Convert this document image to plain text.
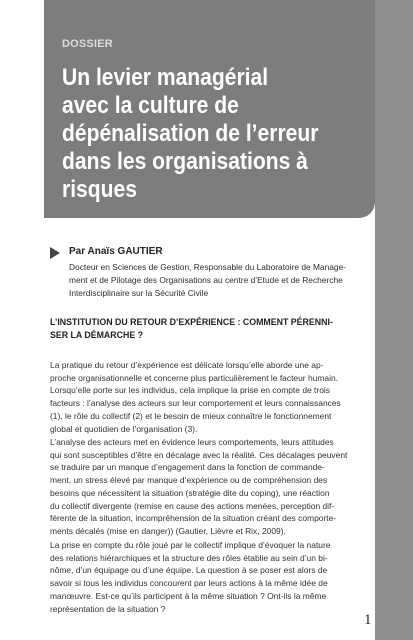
DOSSIER

Un levier managérial
avec la culture de
dépénalisation de l’erreur
dans les organisations à
risques

Par Anaïs GAUTIER

Docteur en Sciences de Gestion, Responsable du Laboratoire de Manage-
ment et de Pilotage des Organisations au centre d’Etude et de Recherche
Interdisciplinaire sur la Sécurité Civile

L’INSTITUTION DU RETOUR D’EXPÉRIENCE : COMMENT PÉRENNI-
SER LA DÉMARCHE ?

La pratique du retour d’expérience est délicate lorsqu’elle aborde une ap-
proche organisationnelle et concerne plus particulièrement le facteur humain.
Lorsqu’elle porte sur les individus, cela implique la prise en compte de trois
facteurs : l’analyse des acteurs sur leur comportement et leurs connaissances
(1), le rôle du collectif (2) et le besoin de mieux connaître le fonctionnement
global et quotidien de l’organisation (3).

L’analyse des acteurs met en évidence leurs comportements, leurs attitudes
qui sont susceptibles d’être en décalage avec la réalité. Ces décalages peuvent
se traduire par un manque d’engagement dans la fonction de commande-
ment, un stress élevé par manque d’expérience ou de compréhension des
besoins que nécessitent la situation (stratégie dite du coping), une réaction
du collectif divergente (remise en cause des actions menées, perception dif-
férente de la situation, incompréhension de la situation créant des comporte-
ments décalés (mise en danger)) (Gautier, Lièvre et Rix, 2009).

La prise en compte du rôle joué par le collectif implique d’évoquer la nature
des relations hiérarchiques et la structure des rôles établie au sein d’un bi-
nôme, d’un équipage ou d’une équipe. La question à se poser est alors de
savoir si tous les individus concourent par leurs actions à la même idée de
manœuvre. Est-ce qu’ils participent à la même situation ? Ont-ils la même
représentation de la situation ?

1
